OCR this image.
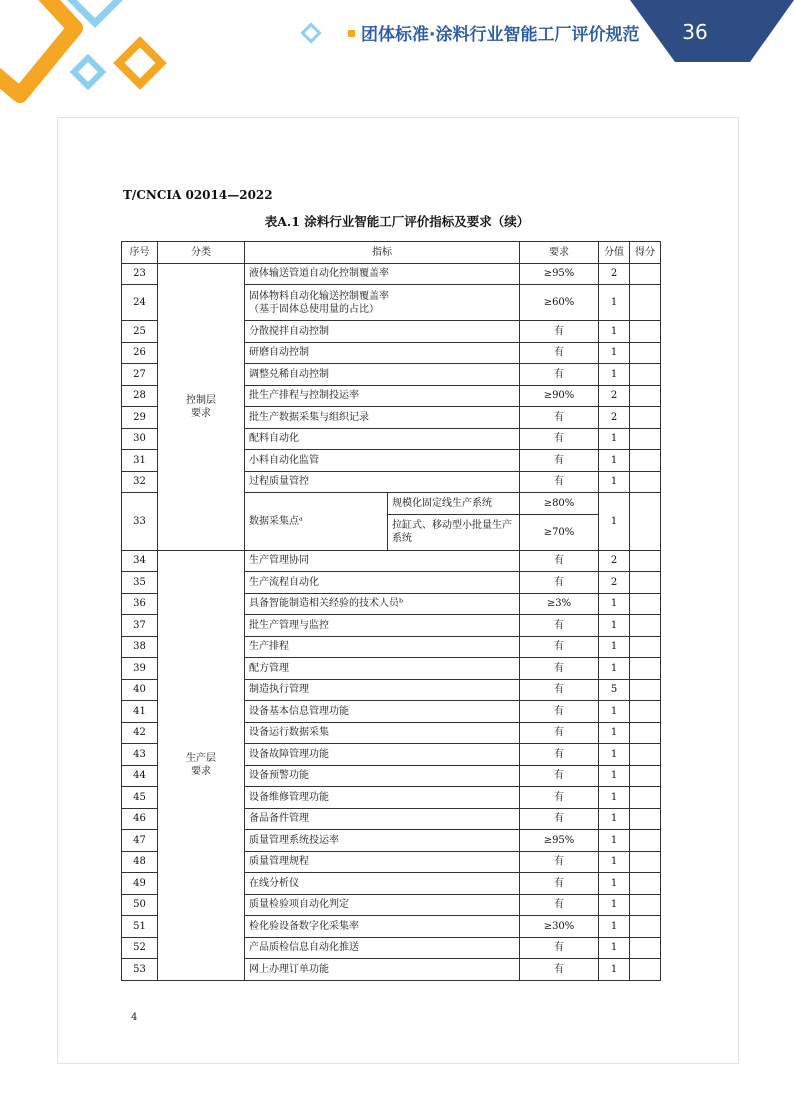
团体标准·涂料行业智能工厂评价规范 36
T/CNCIA 02014—2022
表A.1 涂料行业智能工厂评价指标及要求（续）
序号	分类	指标		要求	分值	得分
23	控制层要求	液体输送管道自动化控制覆盖率		≥95%	2	
24		固体物料自动化输送控制覆盖率
（基于固体总使用量的占比）		≥60%	1	
25		分散搅拌自动控制		有	1	
26		研磨自动控制		有	1	
27		调整兑稀自动控制		有	1	
28		批生产排程与控制投运率		≥90%	2	
29		批生产数据采集与组织记录		有	2	
30		配料自动化		有	1	
31		小料自动化监管		有	1	
32		过程质量管控		有	1	
33		数据采集点ᵃ	规模化固定线生产系统	≥80%	1	
			拉缸式、移动型小批量生产系统	≥70%		
34	生产层要求	生产管理协同		有	2	
35		生产流程自动化		有	2	
36		具备智能制造相关经验的技术人员ᵇ		≥3%	1	
37		批生产管理与监控		有	1	
38		生产排程		有	1	
39		配方管理		有	1	
40		制造执行管理		有	5	
41		设备基本信息管理功能		有	1	
42		设备运行数据采集		有	1	
43		设备故障管理功能		有	1	
44		设备预警功能		有	1	
45		设备维修管理功能		有	1	
46		备品备件管理		有	1	
47		质量管理系统投运率		≥95%	1	
48		质量管理规程		有	1	
49		在线分析仪		有	1	
50		质量检验项自动化判定		有	1	
51		检化验设备数字化采集率		≥30%	1	
52		产品质检信息自动化推送		有	1	
53		网上办理订单功能		有	1	
4
